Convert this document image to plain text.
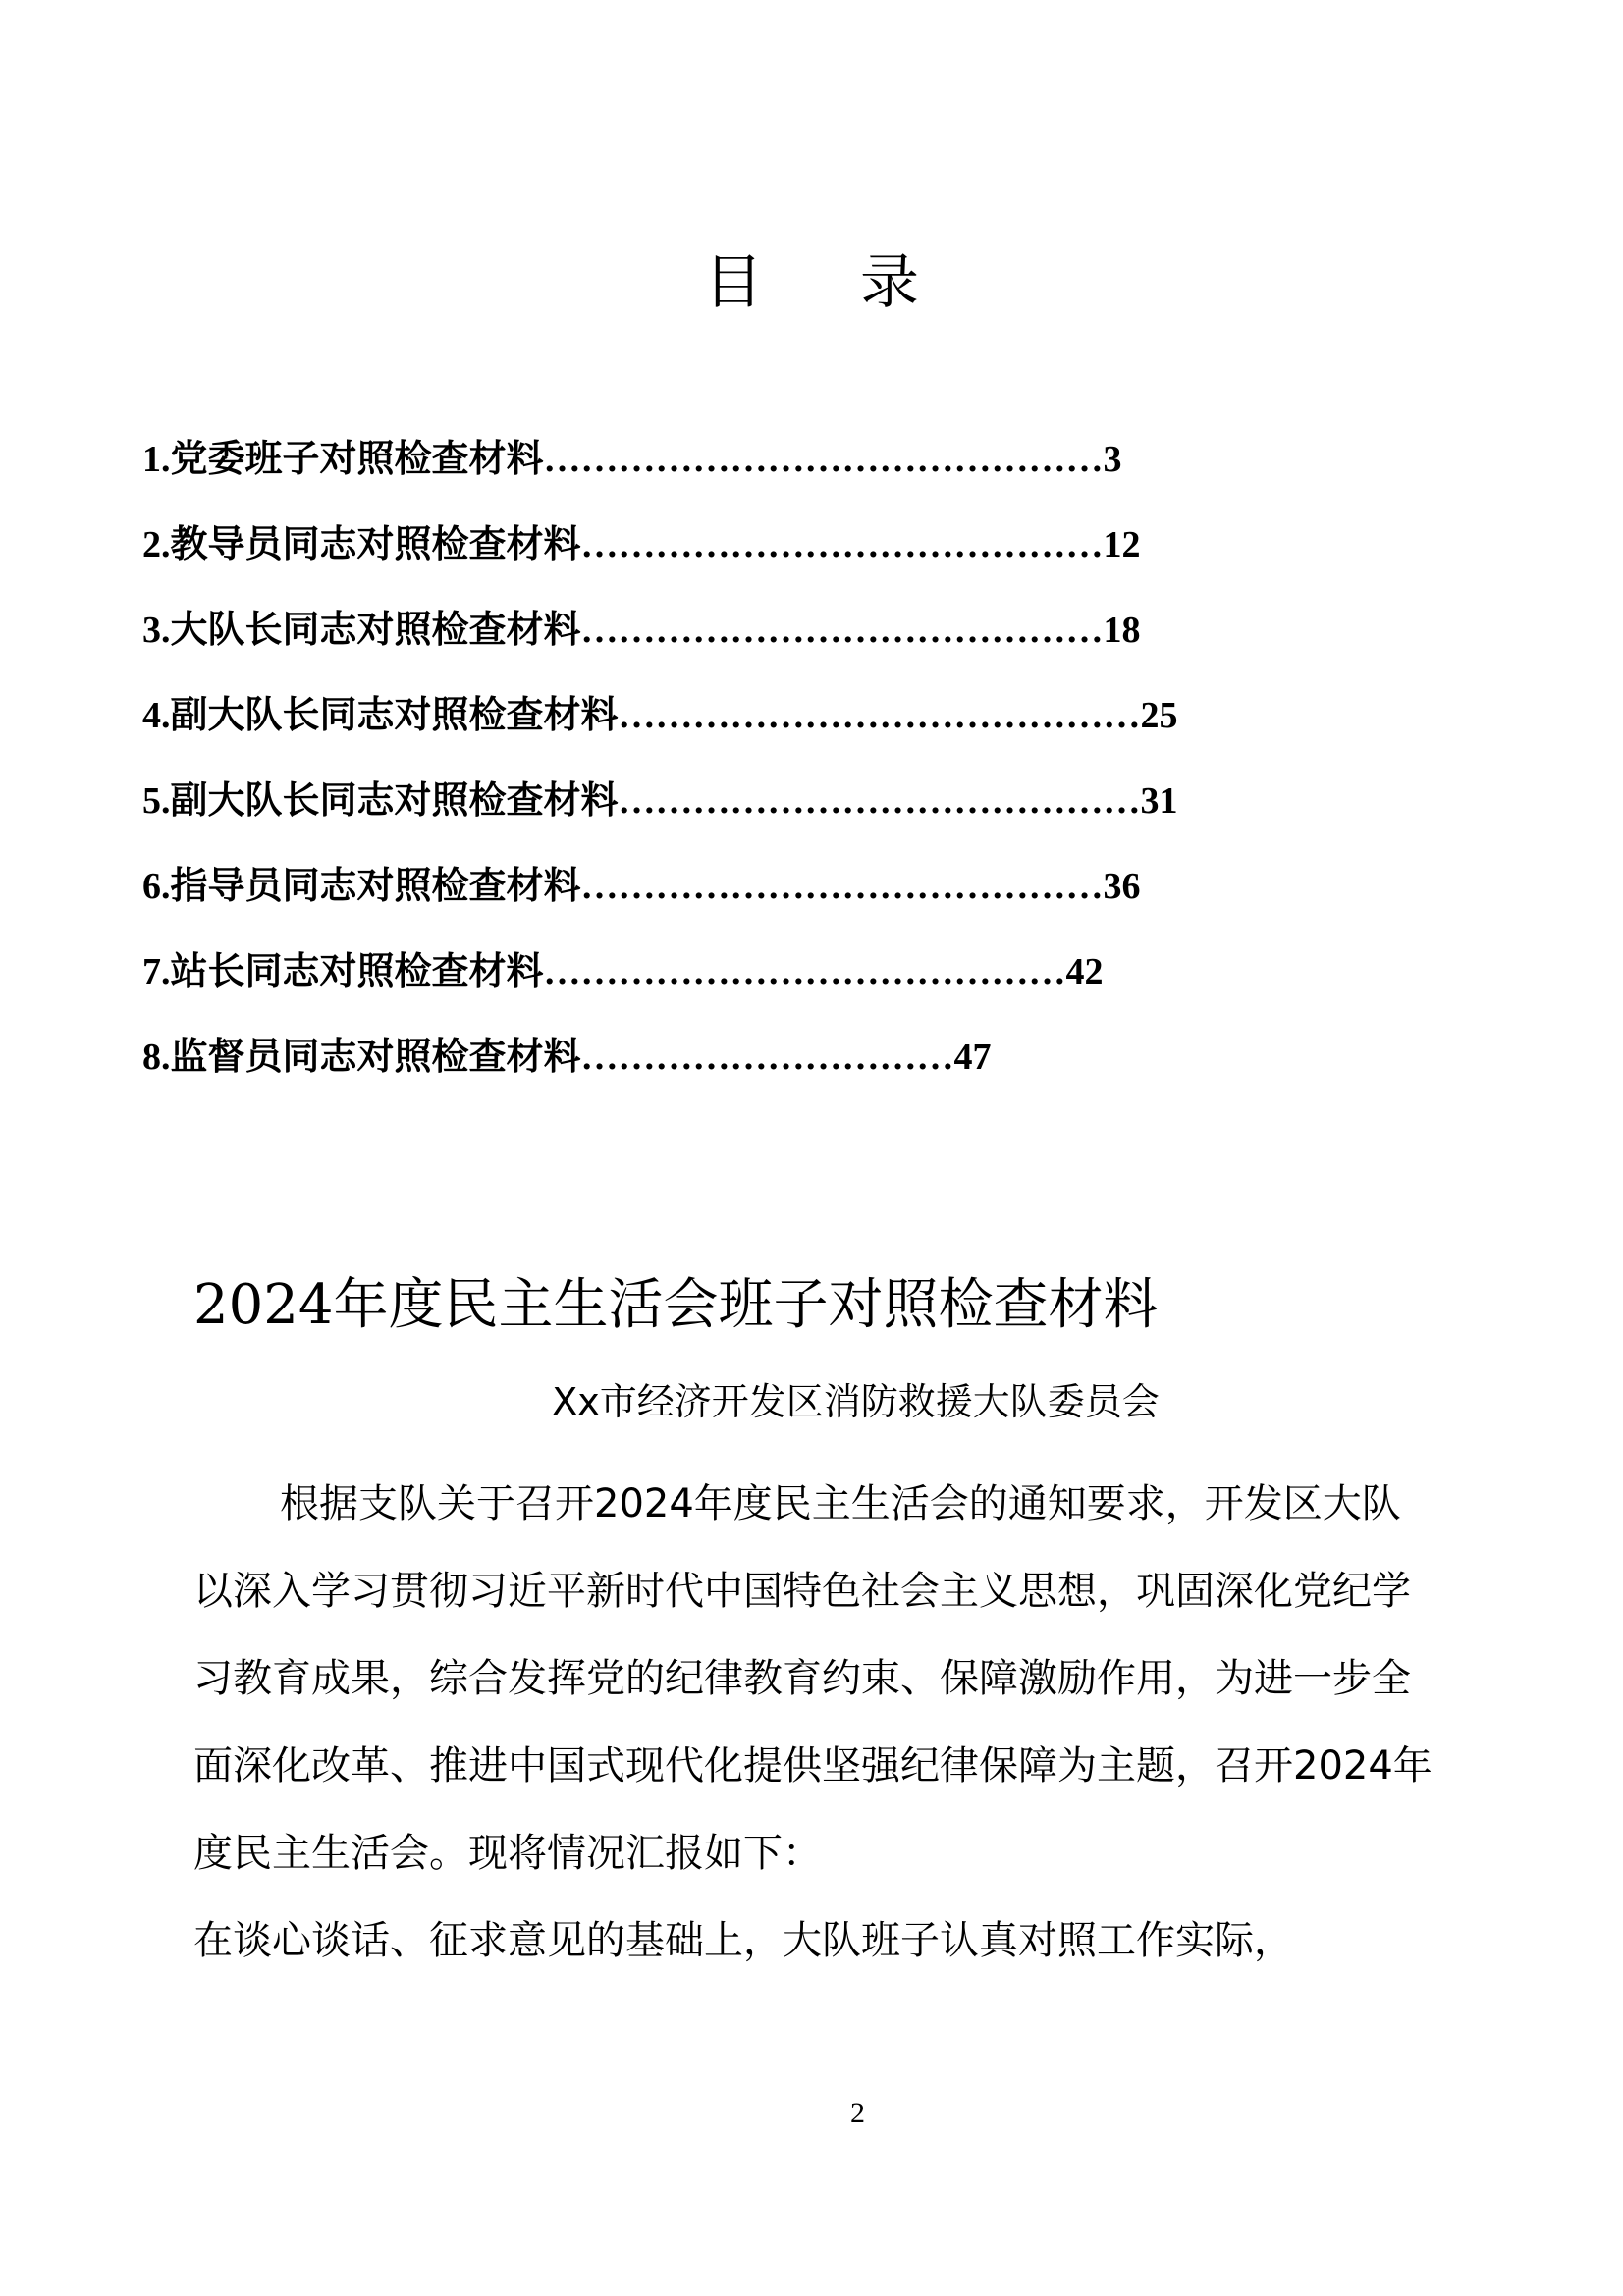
目 录
1. 党委班子对照检查材料 ……………………………………… 3
2. 教导员同志对照检查材料 …………………………………… 12
3. 大队长同志对照检查材料 …………………………………… 18
4. 副大队长同志对照检查材料 …………………………………… 25
5. 副大队长同志对照检查材料 …………………………………… 31
6. 指导员同志对照检查材料 …………………………………… 36
7. 站长同志对照检查材料 …………………………………… 42
8. 监督员同志对照检查材料 ………………………… 47
2024年度民主生活会班子对照检查材料
Xx市经济开发区消防救援大队委员会

根据支队关于召开2024年度民主生活会的通知要求，开发区大队以深入学习贯彻习近平新时代中国特色社会主义思想，巩固深化党纪学习教育成果，综合发挥党的纪律教育约束、保障激励作用，为进一步全面深化改革、推进中国式现代化提供坚强纪律保障为主题，召开2024年度民主生活会。现将情况汇报如下：

在谈心谈话、征求意见的基础上，大队班子认真对照工作实际，

2
